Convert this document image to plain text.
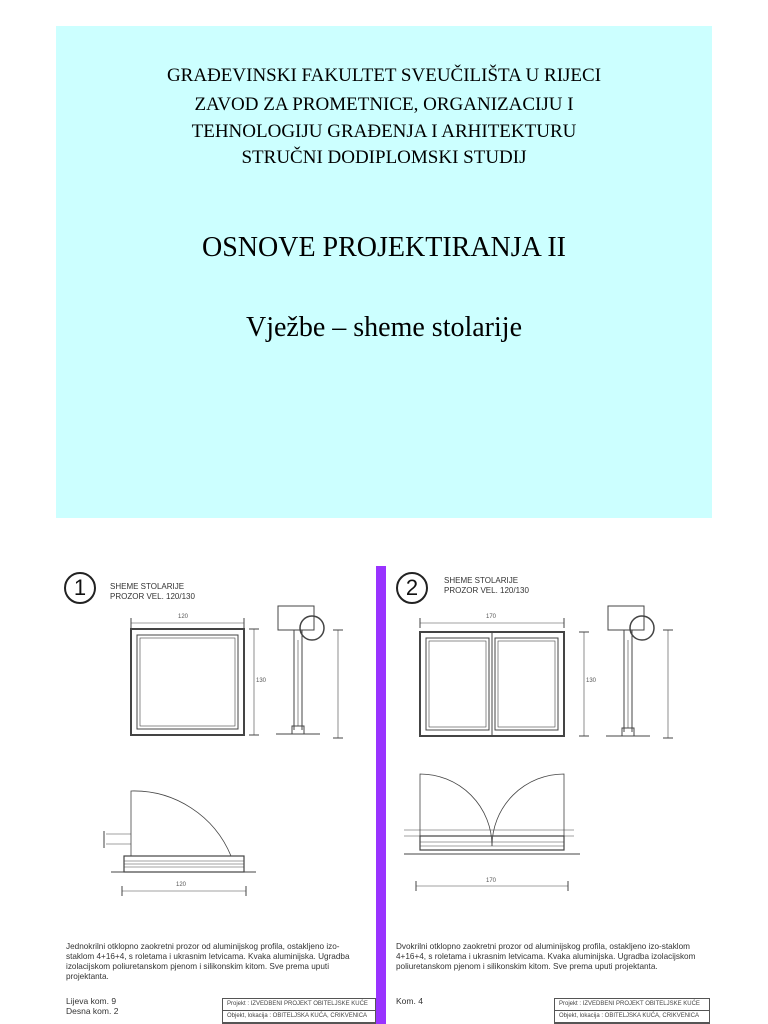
GRAĐEVINSKI FAKULTET SVEUČILIŠTA U RIJECI
ZAVOD ZA PROMETNICE, ORGANIZACIJU I
TEHNOLOGIJU GRAĐENJA I ARHITEKTURU
STRUČNI DODIPLOMSKI STUDIJ
OSNOVE PROJEKTIRANJA II
Vježbe – sheme stolarije
1	SHEME STOLARIJE
PROZOR VEL. 120/130
120
130
120
Jednokrilni otklopno zaokretni prozor od aluminijskog profila, ostakljeno izo-staklom 4+16+4, s roletama i ukrasnim letvicama. Kvaka aluminijska. Ugradba izolacijskom poliuretanskom pjenom i silikonskim kitom. Sve prema uputi projektanta.
Lijeva kom. 9
Desna kom. 2
Projekt : IZVEDBENI PROJEKT OBITELJSKE KUĆE
Objekt, lokacija : OBITELJSKA KUĆA, CRIKVENICA
2	SHEME STOLARIJE
PROZOR VEL. 120/130
170
130
170
Dvokrilni otklopno zaokretni prozor od aluminijskog profila, ostakljeno izo-staklom 4+16+4, s roletama i ukrasnim letvicama. Kvaka aluminijska. Ugradba izolacijskom poliuretanskom pjenom i silikonskim kitom. Sve prema uputi projektanta.
Kom. 4	Projekt : IZVEDBENI PROJEKT OBITELJSKE KUĆE
Objekt, lokacija : OBITELJSKA KUĆA, CRIKVENICA
